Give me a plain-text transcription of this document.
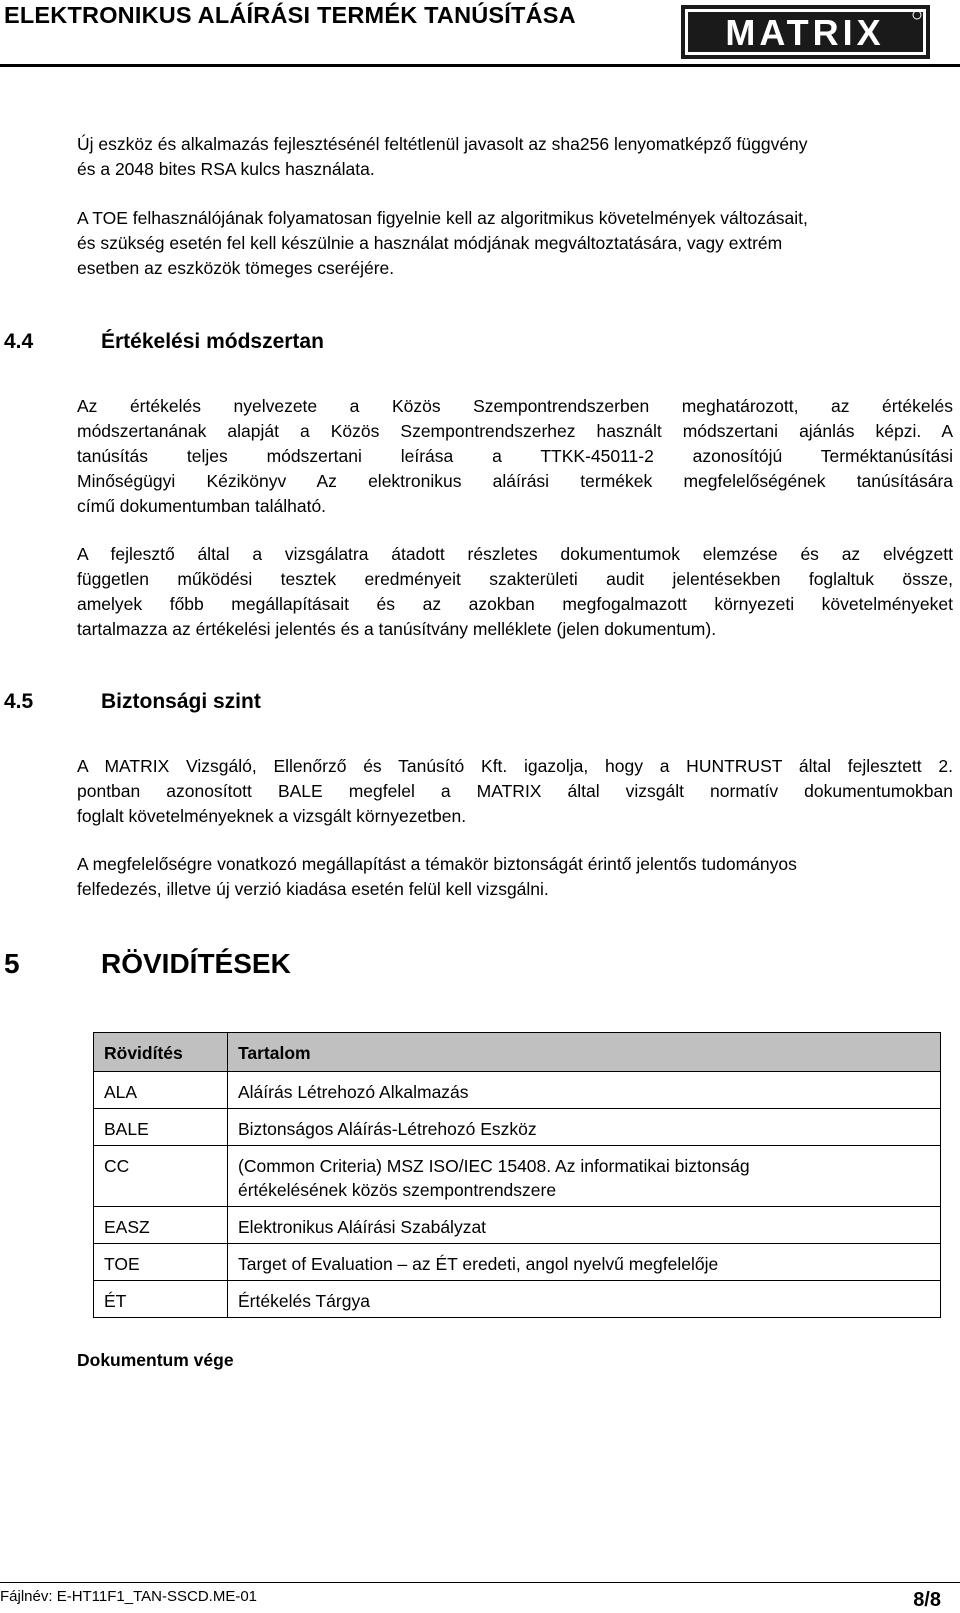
ELEKTRONIKUS ALÁÍRÁSI TERMÉK TANÚSÍTÁSA	MATRIX

Új eszköz és alkalmazás fejlesztésénél feltétlenül javasolt az sha256 lenyomatképző függvény
és a 2048 bites RSA kulcs használata.

A TOE felhasználójának folyamatosan figyelnie kell az algoritmikus követelmények változásait,
és szükség esetén fel kell készülnie a használat módjának megváltoztatására, vagy extrém
esetben az eszközök tömeges cseréjére.

4.4	Értékelési módszertan

Az értékelés nyelvezete a Közös Szempontrendszerben meghatározott, az értékelés
módszertanának alapját a Közös Szempontrendszerhez használt módszertani ajánlás képzi. A
tanúsítás teljes módszertani leírása a TTKK-45011-2 azonosítójú Terméktanúsítási
Minőségügyi Kézikönyv Az elektronikus aláírási termékek megfelelőségének tanúsítására
című dokumentumban található.

A fejlesztő által a vizsgálatra átadott részletes dokumentumok elemzése és az elvégzett
független működési tesztek eredményeit szakterületi audit jelentésekben foglaltuk össze,
amelyek főbb megállapításait és az azokban megfogalmazott környezeti követelményeket
tartalmazza az értékelési jelentés és a tanúsítvány melléklete (jelen dokumentum).

4.5	Biztonsági szint

A MATRIX Vizsgáló, Ellenőrző és Tanúsító Kft. igazolja, hogy a HUNTRUST által fejlesztett 2.
pontban azonosított BALE megfelel a MATRIX által vizsgált normatív dokumentumokban
foglalt követelményeknek a vizsgált környezetben.

A megfelelőségre vonatkozó megállapítást a témakör biztonságát érintő jelentős tudományos
felfedezés, illetve új verzió kiadása esetén felül kell vizsgálni.

5	RÖVIDÍTÉSEK
Rövidítés	Tartalom
ALA	Aláírás Létrehozó Alkalmazás
BALE	Biztonságos Aláírás-Létrehozó Eszköz
CC	(Common Criteria) MSZ ISO/IEC 15408. Az informatikai biztonság értékelésének közös szempontrendszere
EASZ	Elektronikus Aláírási Szabályzat
TOE	Target of Evaluation – az ÉT eredeti, angol nyelvű megfelelője
ÉT	Értékelés Tárgya
Dokumentum vége
Fájlnév: E-HT11F1_TAN-SSCD.ME-01	8/8
